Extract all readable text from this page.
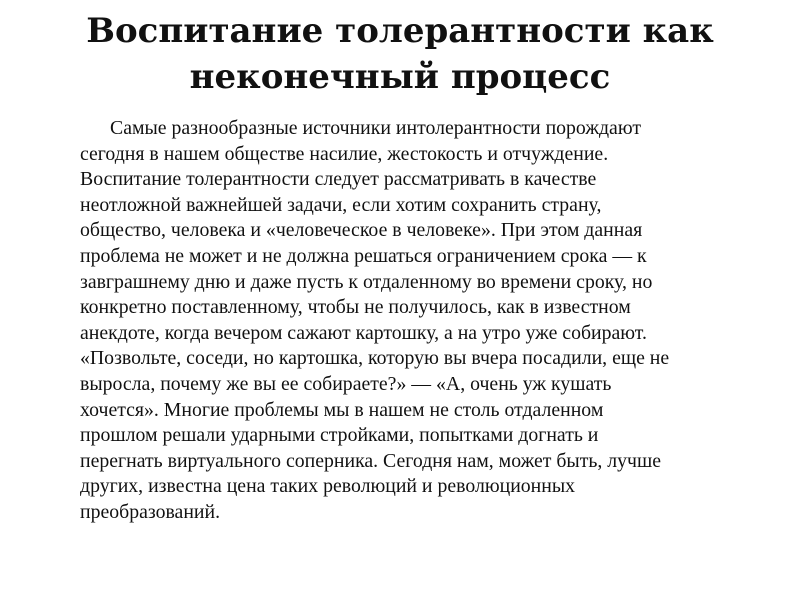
Воспитание толерантности как
неконечный процесс
Самые разнообразные источники интолерантности порождают
сегодня в нашем обществе насилие, жестокость и отчуждение.
Воспитание толерантности следует рассматривать в качестве
неотложной важнейшей задачи, если хотим сохранить страну,
общество, человека и «человеческое в человеке». При этом данная
проблема не может и не должна решаться ограничением срока — к
завграшнему дню и даже пусть к отдаленному во времени сроку, но
конкретно поставленному, чтобы не получилось, как в известном
анекдоте, когда вечером сажают картошку, а на утро уже собирают.
«Позвольте, соседи, но картошка, которую вы вчера посадили, еще не
выросла, почему же вы ее собираете?» — «А, очень уж кушать
хочется». Многие проблемы мы в нашем не столь отдаленном
прошлом решали ударными стройками, попытками догнать и
перегнать виртуального соперника. Сегодня нам, может быть, лучше
других, известна цена таких революций и революционных
преобразований.
